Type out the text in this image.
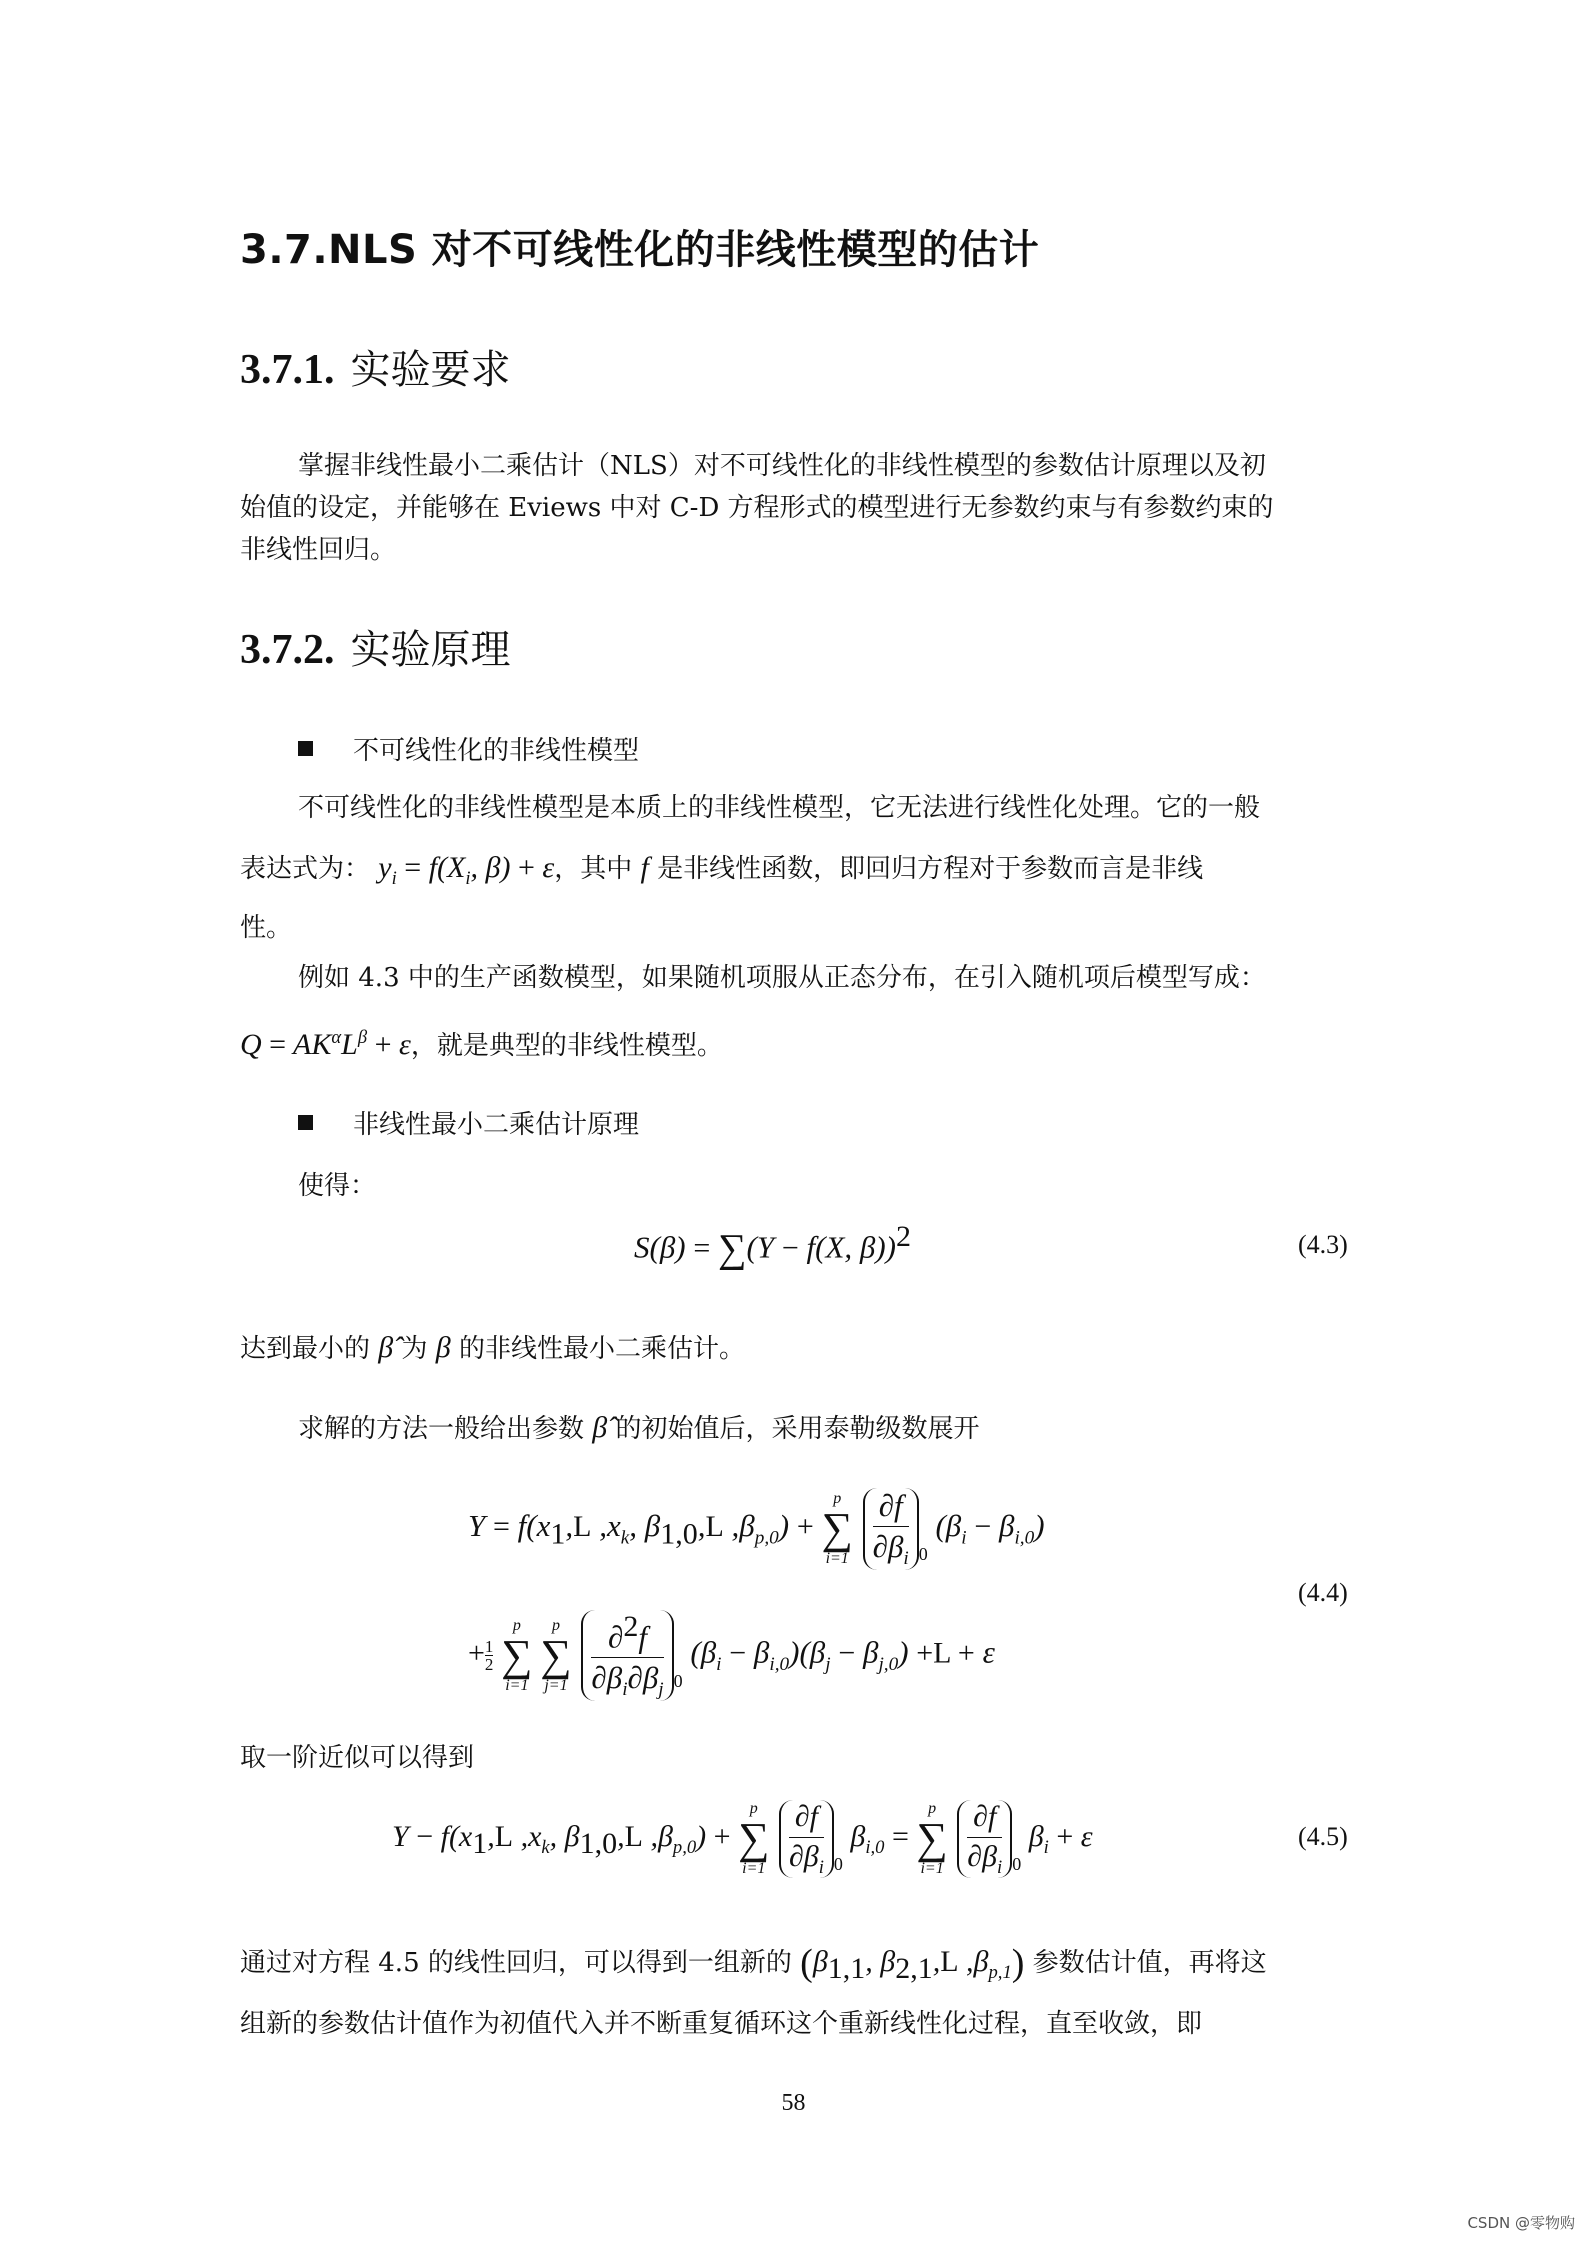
3.7.NLS 对不可线性化的非线性模型的估计
3.7.1. 实验要求

掌握非线性最小二乘估计（NLS）对不可线性化的非线性模型的参数估计原理以及初

始值的设定，并能够在 Eviews 中对 C-D 方程形式的模型进行无参数约束与有参数约束的

非线性回归。

3.7.2. 实验原理

不可线性化的非线性模型

不可线性化的非线性模型是本质上的非线性模型，它无法进行线性化处理。它的一般

表达式为： $y_i = f(X_i$, β) + ε，其中 f 是非线性函数，即回归方程对于参数而言是非线

性。

例如 4.3 中的生产函数模型，如果随机项服从正态分布，在引入随机项后模型写成：

$Q = AK^\alpha L^\beta + \varepsilon$，就是典型的非线性模型。

非线性最小二乘估计原理

使得：

S(β) = ∑(Y − f(X, β))$^2$	(4.3)

达到最小的 β̂ 为 β 的非线性最小二乘估计。

求解的方法一般给出参数 β̂ 的初始值后，采用泰勒级数展开

$Y = f(x_1,L$ $,x_k$, $\beta_{1,0},L$ $,\beta_{p,0}$) +
p
∑
i=1
$\frac{\partial f}{\partial\beta_i} _0$ $(\beta_i - \beta_{i,0})$
+ $\frac{1}{2}$

p
∑
i=1

p
∑
j=1
$\frac{\partial^2f}{\partial\beta_i\partial\beta_j} _0$ $(\beta_i - \beta_{i,0})(\beta_j - \beta_{j,0}) +L + \varepsilon$

(4.4)

取一阶近似可以得到

$Y - f(x_1,L$ $,x_k$, $\beta_{1,0},L$ $,\beta_{p,0}$) +
p
∑
i=1
$\frac{\partial f}{\partial\beta_i} _0$ $\beta_{i,0}$ =
p
∑
i=1
$\frac{\partial f}{\partial\beta_i} _0$ $\beta_i + \varepsilon$	(4.5)

通过对方程 4.5 的线性回归，可以得到一组新的 ($\beta_{1,1}$, $\beta_{2,1},L$ $,\beta_{p,1}$) 参数估计值，再将这

组新的参数估计值作为初值代入并不断重复循环这个重新线性化过程，直至收敛，即

58
CSDN @零物购
